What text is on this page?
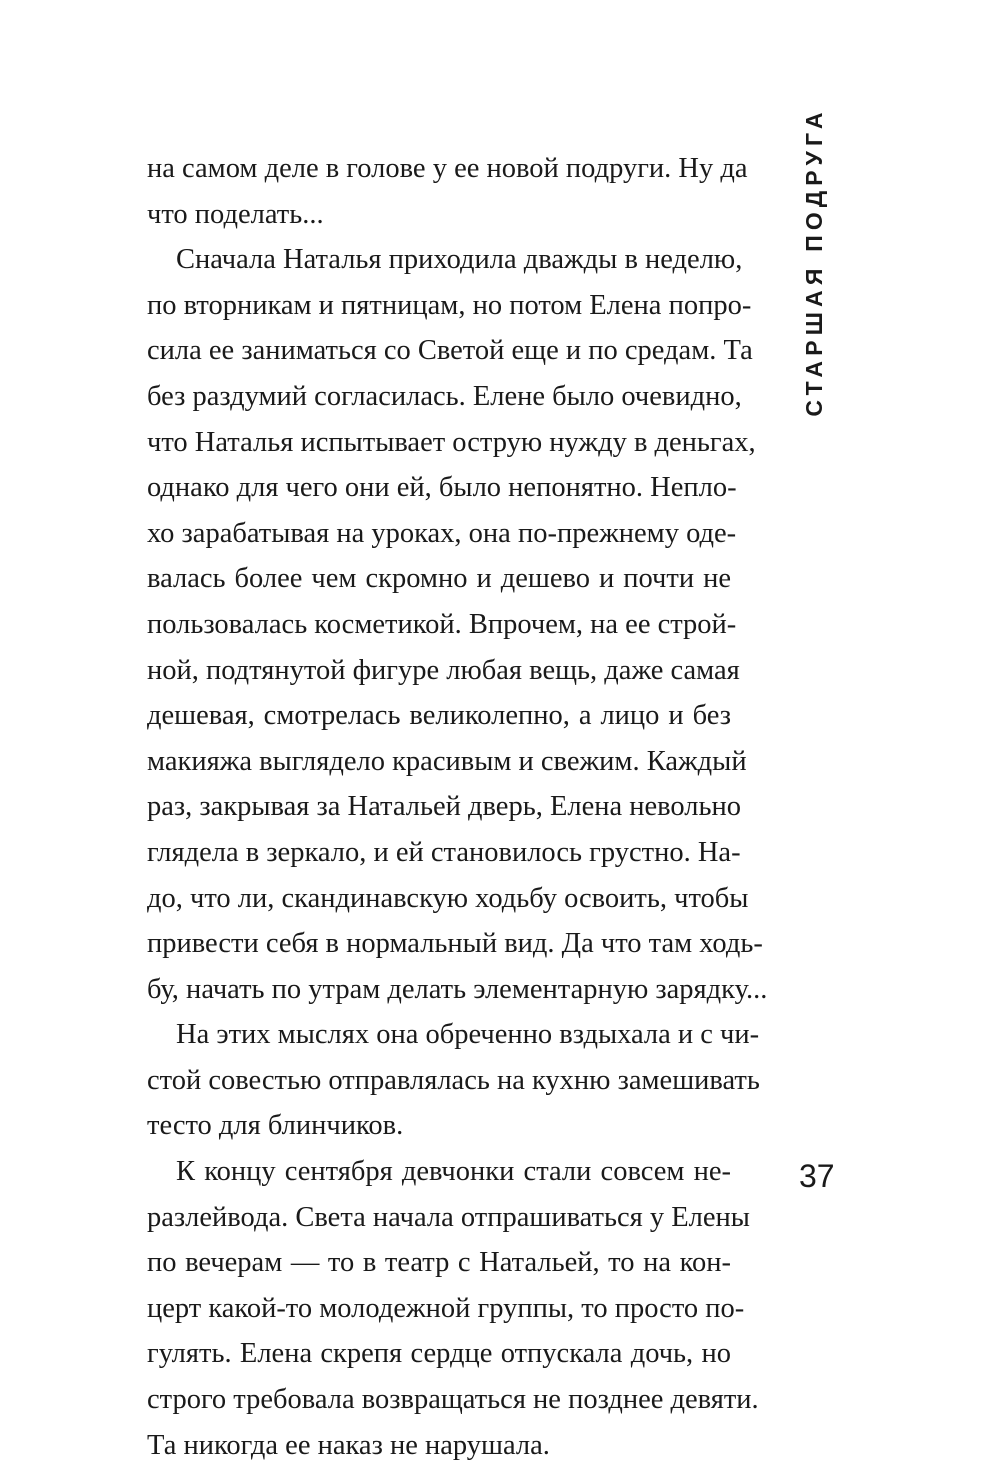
СТАРШАЯ ПОДРУГА
на самом деле в голове у ее новой подруги. Ну да
что поделать...
Сначала Наталья приходила дважды в неделю,
по вторникам и пятницам, но потом Елена попро-
сила ее заниматься со Светой еще и по средам. Та
без раздумий согласилась. Елене было очевидно,
что Наталья испытывает острую нужду в деньгах,
однако для чего они ей, было непонятно. Неплo-
хо зарабатывая на уроках, она по-прежнему оде-
валась более чем скромно и дешево и почти не
пользовалась косметикой. Впрочем, на ее строй-
ной, подтянутой фигуре любая вещь, даже самая
дешевая, смотрелась великолепно, а лицо и без
макияжа выглядело красивым и свежим. Каждый
раз, закрывая за Натальей дверь, Елена невольно
глядела в зеркало, и ей становилось грустно. На-
до, что ли, скандинавскую ходьбу освоить, чтобы
привести себя в нормальный вид. Да что там ходь-
бу, начать по утрам делать элементарную зарядку...
На этих мыслях она обреченно вздыхала и с чи-
стой совестью отправлялась на кухню замешивать
тесто для блинчиков.
К концу сентября девчонки стали совсем не-
разлейвода. Света начала отпрашиваться у Елены
по вечерам — то в театр с Натальей, то на кон-
церт какой-то молодежной группы, то просто по-
гулять. Елена скрепя сердце отпускала дочь, но
строго требовала возвращаться не позднее девяти.
Та никогда ее наказ не нарушала.
37
